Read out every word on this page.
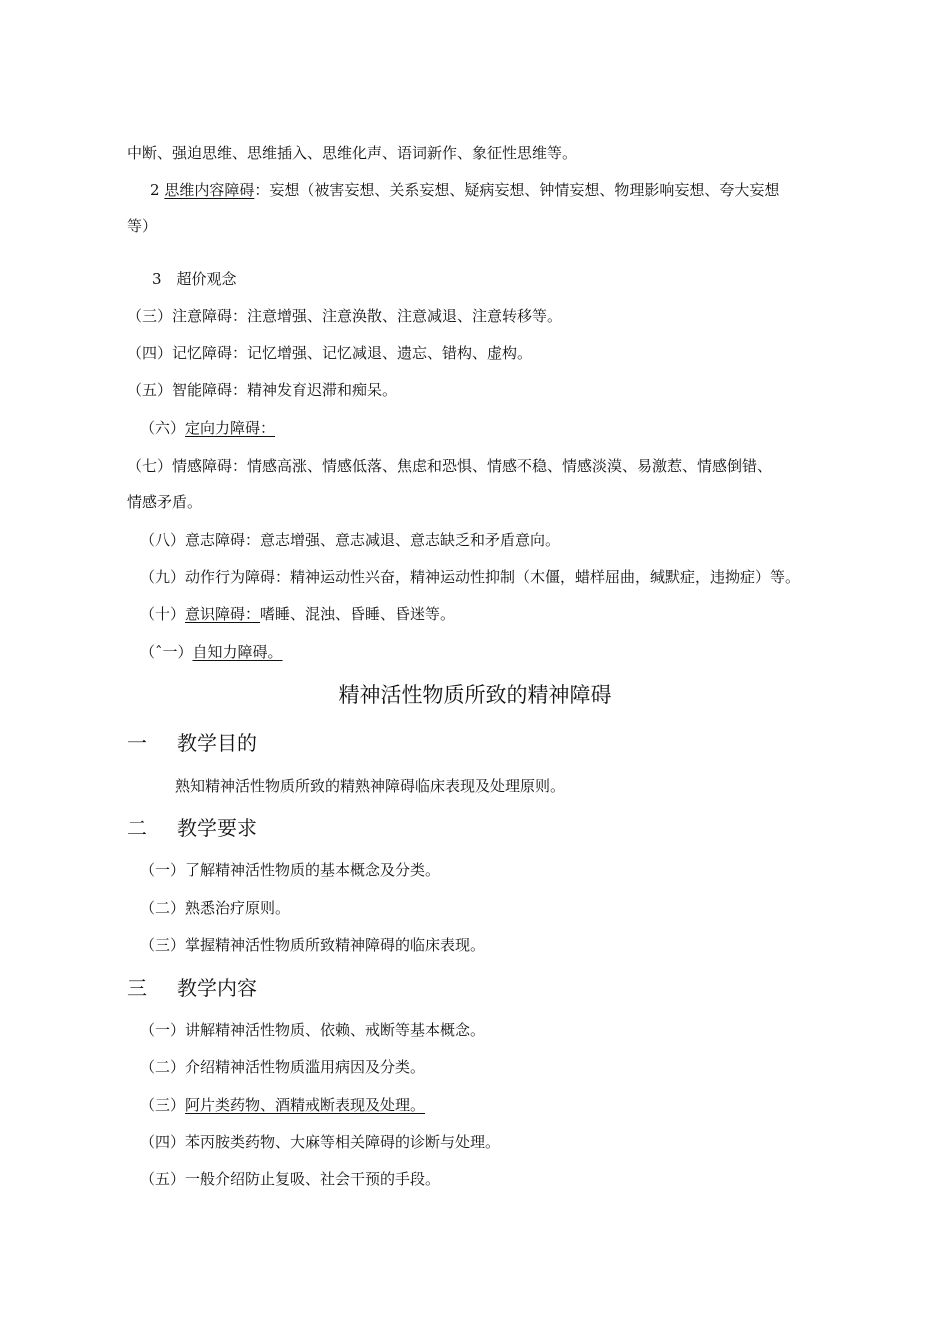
中断、强迫思维、思维插入、思维化声、语词新作、象征性思维等。
2 思维内容障碍：妄想（被害妄想、关系妄想、疑病妄想、钟情妄想、物理影响妄想、夸大妄想
等）
3　超价观念
（三）注意障碍：注意增强、注意涣散、注意减退、注意转移等。
（四）记忆障碍：记忆增强、记忆减退、遗忘、错构、虚构。
（五）智能障碍：精神发育迟滞和痴呆。
（六）定向力障碍：
（七）情感障碍：情感高涨、情感低落、焦虑和恐惧、情感不稳、情感淡漠、易激惹、情感倒错、
情感矛盾。
（八）意志障碍：意志增强、意志减退、意志缺乏和矛盾意向。
（九）动作行为障碍：精神运动性兴奋，精神运动性抑制（木僵，蜡样屈曲，缄默症，违拗症）等。
（十）意识障碍：嗜睡、混浊、昏睡、昏迷等。
（ˆ一）自知力障碍。
精神活性物质所致的精神障碍
一 教学目的
熟知精神活性物质所致的精熟神障碍临床表现及处理原则。
二 教学要求
（一）了解精神活性物质的基本概念及分类。
（二）熟悉治疗原则。
（三）掌握精神活性物质所致精神障碍的临床表现。
三 教学内容
（一）讲解精神活性物质、依赖、戒断等基本概念。
（二）介绍精神活性物质滥用病因及分类。
（三）阿片类药物、酒精戒断表现及处理。
（四）苯丙胺类药物、大麻等相关障碍的诊断与处理。
（五）一般介绍防止复吸、社会干预的手段。
